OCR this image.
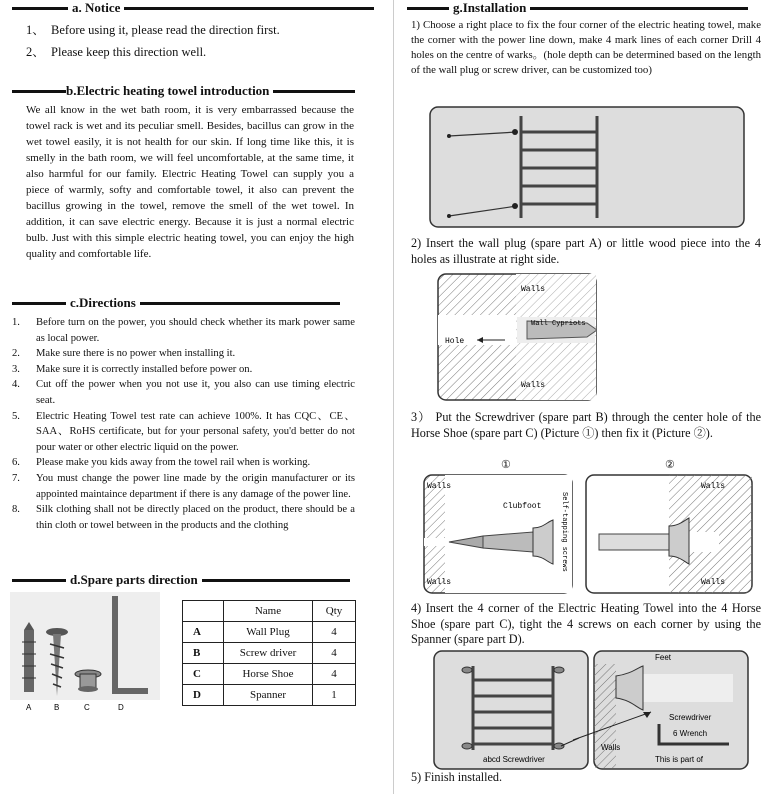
a. Notice
1、 Before using it, please read the direction first.
2、 Please keep this direction well.
b.Electric heating towel introduction
We all know in the wet bath room, it is very embarrassed because the towel rack is wet and its peculiar smell. Besides, bacillus can grow in the wet towel easily, it is not health for our skin. If long time like this, it is smelly in the bath room, we will feel uncomfortable, at the same time, it also harmful for our family. Electric Heating Towel can supply you a piece of warmly, softy and comfortable towel, it also can prevent the bacillus growing in the towel, remove the smell of the wet towel. In addition, it can save electric energy. Because it is just a normal electric bulb. Just with this simple electric heating towel, you can enjoy the high quality and comfortable life.
c.Directions
1. Before turn on the power, you should check whether its mark power same as local power.
2. Make sure there is no power when installing it.
3. Make sure it is correctly installed before power on.
4. Cut off the power when you not use it, you also can use timing electric seat.
5. Electric Heating Towel test rate can achieve 100%. It has CQC、CE、SAA、RoHS certificate, but for your personal safety, you'd better do not pour water or other electric liquid on the power.
6. Please make you kids away from the towel rail when is working.
7. You must change the power line made by the origin manufacturer or its appointed maintaince department if there is any damage of the power line.
8. Silk clothing shall not be directly placed on the product, there should be a thin cloth or towel between in the products and the clothing
d.Spare parts direction
A	B	C	D
	Name	Qty
A	Wall Plug	4
B	Screw driver	4
C	Horse Shoe	4
D	Spanner	1
g.Installation
1) Choose a right place to fix the four corner of the electric heating towel, make the corner with the power line down, make 4 mark lines of each corner Drill 4 holes on the centre of warks。(hole depth can be determined based on the length of the wall plug or screw driver, can be customized too)
2) Insert the wall plug (spare part A) or little wood piece into the 4 holes as illustrate at right side.
Hole
Walls
Wall Cypriots
Walls
3） Put the Screwdriver (spare part B) through the center hole of the Horse Shoe (spare part C) (Picture ①) then fix it (Picture ②).
①	②
Walls
Walls
Clubfoot	Self-tapping screws
Walls
Walls
4) Insert the 4 corner of the Electric Heating Towel into the 4 Horse Shoe (spare part C), tight the 4 screws on each corner by using the Spanner (spare part D).
abcd Screwdriver
Feet
Screwdriver
6 Wrench
Walls
This is part of
5) Finish installed.
